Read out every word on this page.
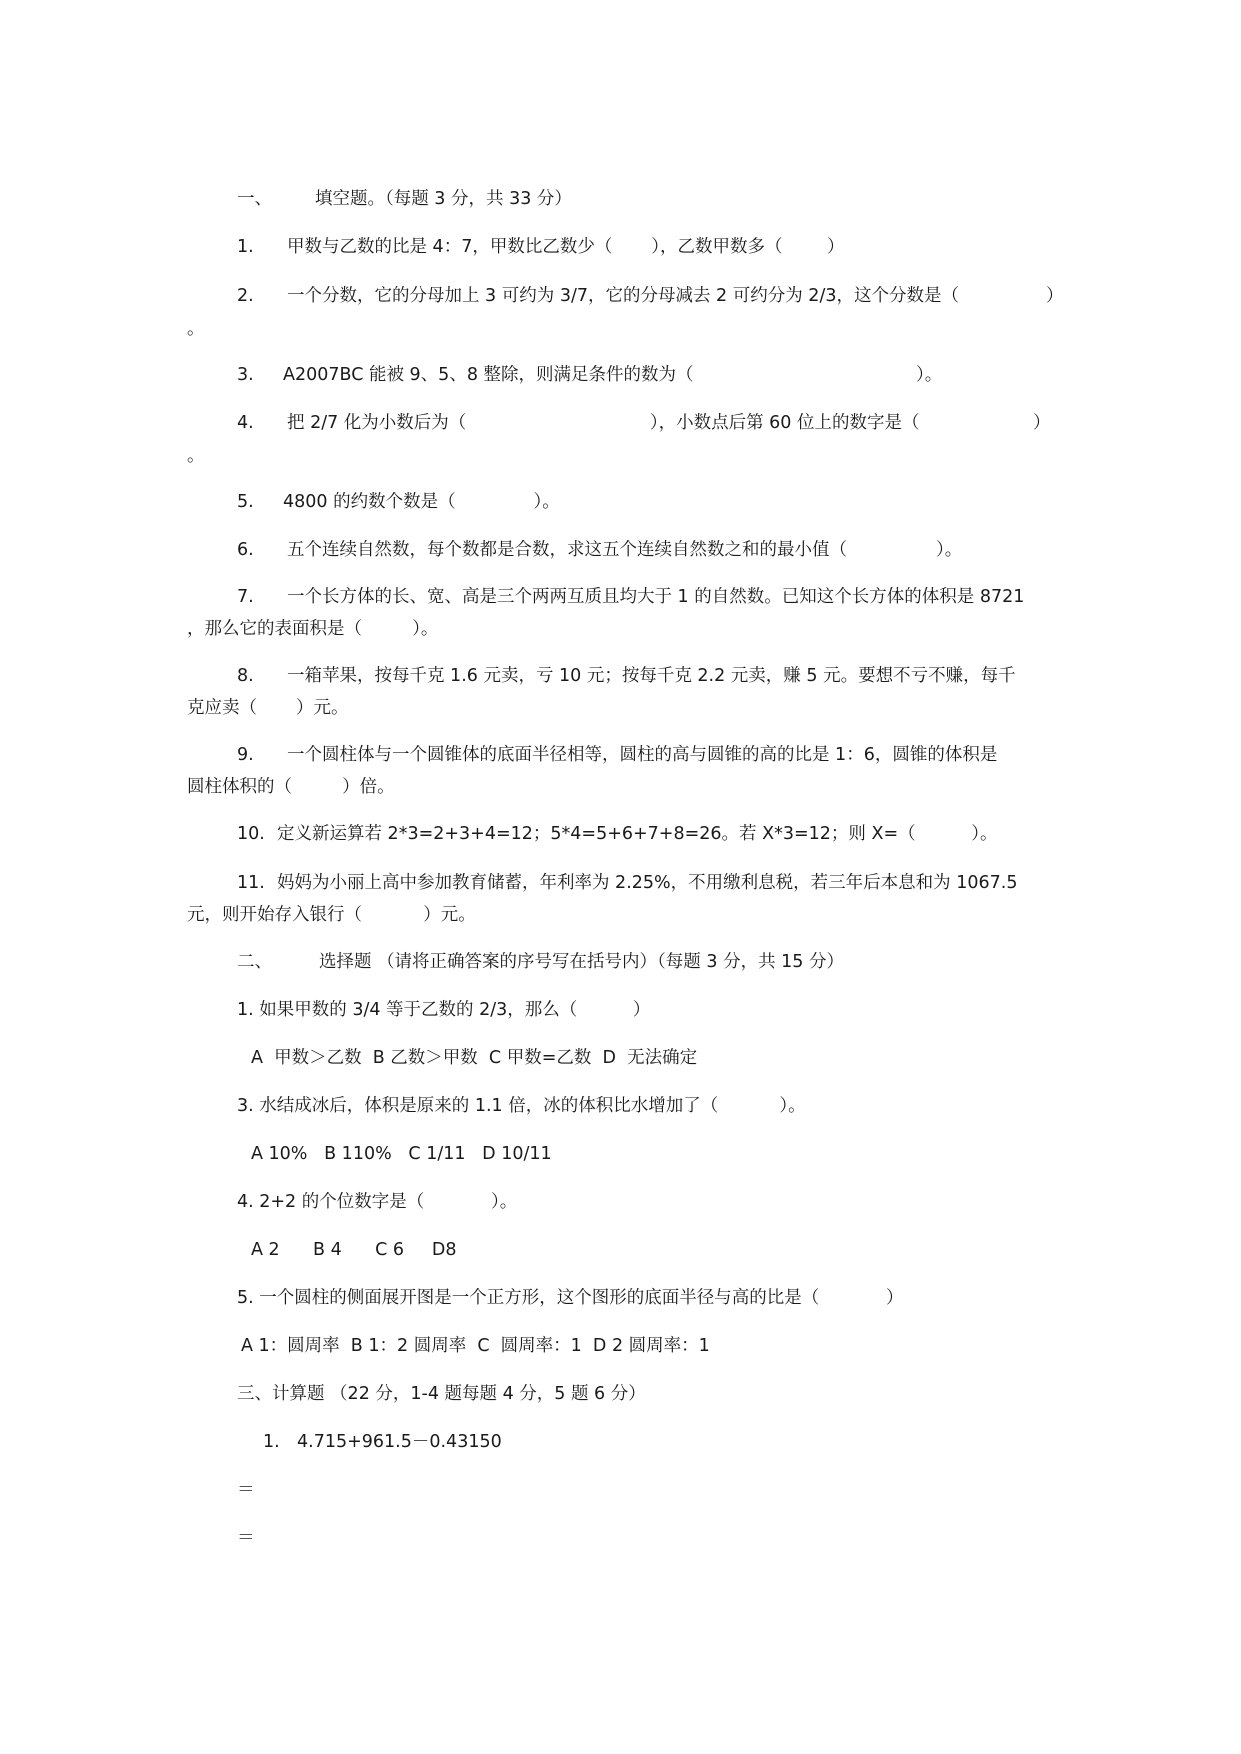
一、 填空题。（每题 3 分，共 33 分）
1. 甲数与乙数的比是 4：7，甲数比乙数少（       ），乙数甲数多（        ）
2. 一个分数，它的分母加上 3 可约为 3/7，它的分母减去 2 可约分为 2/3，这个分数是（	）
。
3. A2007BC 能被 9、5、8 整除，则满足条件的数为（                                        ）。
4. 把 2/7 化为小数后为（                                 ），小数点后第 60 位上的数字是（	）
。
5. 4800 的约数个数是（              ）。
6. 五个连续自然数，每个数都是合数，求这五个连续自然数之和的最小值（                ）。
7. 一个长方体的长、宽、高是三个两两互质且均大于 1 的自然数。已知这个长方体的体积是 8721
，那么它的表面积是（         ）。
8. 一箱苹果，按每千克 1.6 元卖，亏 10 元；按每千克 2.2 元卖，赚 5 元。要想不亏不赚，每千
克应卖（       ）元。
9. 一个圆柱体与一个圆锥体的底面半径相等，圆柱的高与圆锥的高的比是 1：6，圆锥的体积是
圆柱体积的（         ）倍。
10. 定义新运算若 2*3=2+3+4=12；5*4=5+6+7+8=26。若 X*3=12；则 X=（          ）。
11. 妈妈为小丽上高中参加教育储蓄，年利率为 2.25%，不用缴利息税，若三年后本息和为 1067.5
元，则开始存入银行（           ）元。
二、	选择题 （请将正确答案的序号写在括号内）（每题 3 分，共 15 分）
1. 如果甲数的 3/4 等于乙数的 2/3，那么（          ）
A  甲数＞乙数  B 乙数＞甲数  C 甲数=乙数  D  无法确定
3. 水结成冰后，体积是原来的 1.1 倍，冰的体积比水增加了（           ）。
A 10%   B 110%   C 1/11   D 10/11
4. 2+2 的个位数字是（            ）。
A 2      B 4      C 6     D8
5. 一个圆柱的侧面展开图是一个正方形，这个图形的底面半径与高的比是（            ）
A 1：圆周率  B 1：2 圆周率  C  圆周率：1  D 2 圆周率：1
三、计算题 （22 分，1-4 题每题 4 分，5 题 6 分）
1. 4.715+961.5－0.43150
＝
＝
